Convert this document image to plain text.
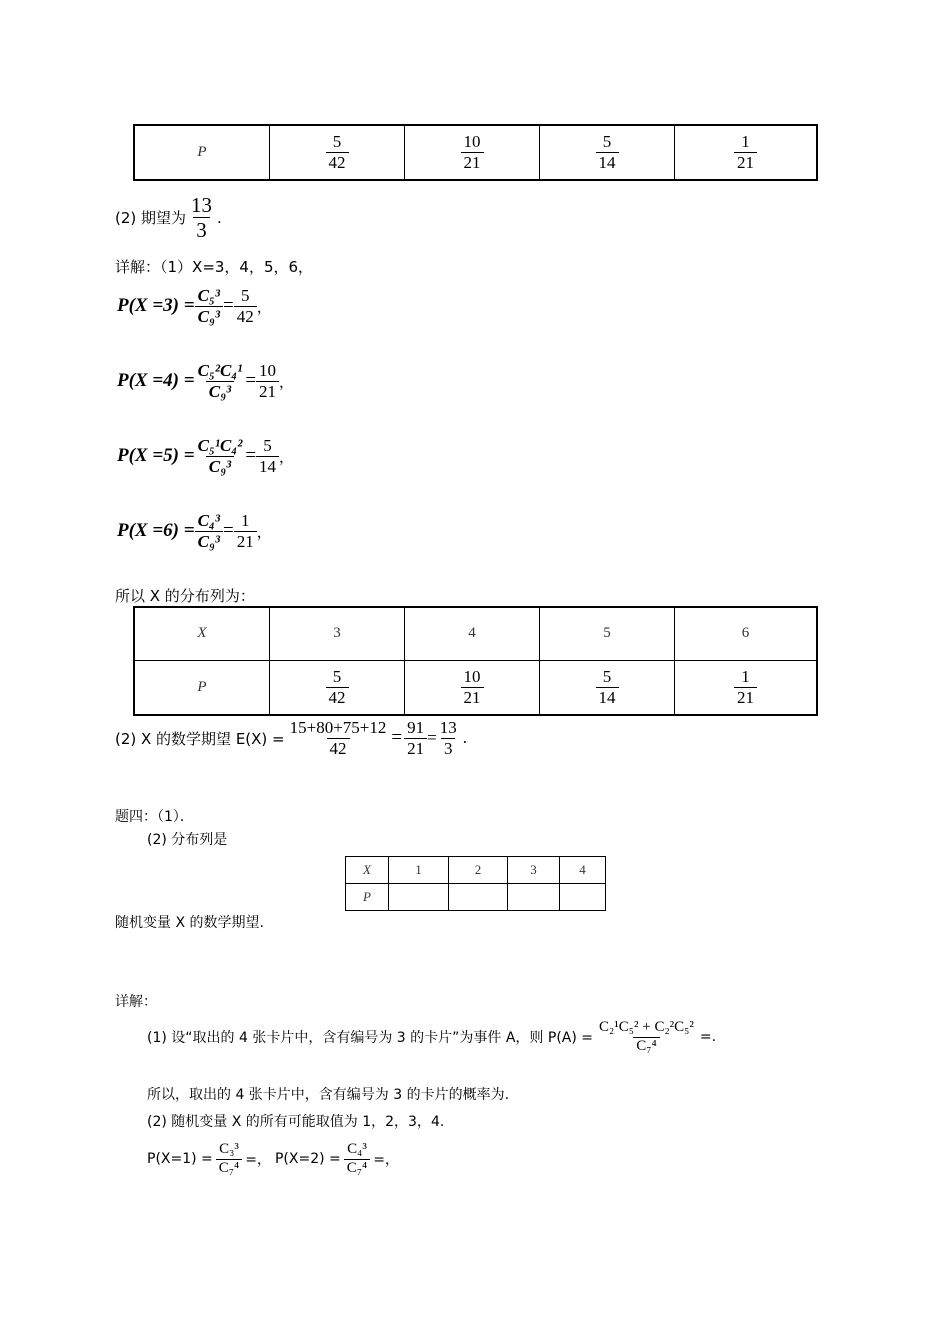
P	$\frac{5}{42}$	$\frac{10}{21}$	$\frac{5}{14}$	$\frac{1}{21}$
(2) 期望为 $\frac{13}{3}$ .
详解：（1）X=3，4，5，6，
$P(X =3) = \frac{\text{C₅³}}{\text{C₉³}} = \frac{5}{42}$ ，
$P(X =4) = \frac{\text{C₅²C₄¹}}{\text{C₉³}} = \frac{10}{21}$ ，
$P(X =5) = \frac{\text{C₅¹C₄²}}{\text{C₉³}} = \frac{5}{14}$ ，
$P(X =6) = \frac{\text{C₄³}}{\text{C₉³}} = \frac{1}{21}$ ，
所以 X 的分布列为：
X	3	4	5	6
P	$\frac{5}{42}$	$\frac{10}{21}$	$\frac{5}{14}$	$\frac{1}{21}$
(2) X 的数学期望 $E(X) = \frac{15+80+75+12}{42} = \frac{91}{21} = \frac{13}{3}$ .
题四：（1）．
(2) 分布列是
X	1	2	3	4
P				
随机变量 X 的数学期望.
详解：
(1) 设“取出的 4 张卡片中，含有编号为 3 的卡片”为事件 A，则 $P(A) = \frac{\text{C₂¹C₅² + C₂²C₅²}}{\text{C₇⁴}}$ =.
所以，取出的 4 张卡片中，含有编号为 3 的卡片的概率为.
(2) 随机变量 X 的所有可能取值为 1，2，3，4.
$P(X=1) = \frac{\text{C₃³}}{\text{C₇⁴}}$ =， $P(X=2) = \frac{\text{C₄³}}{\text{C₇⁴}}$ =，
